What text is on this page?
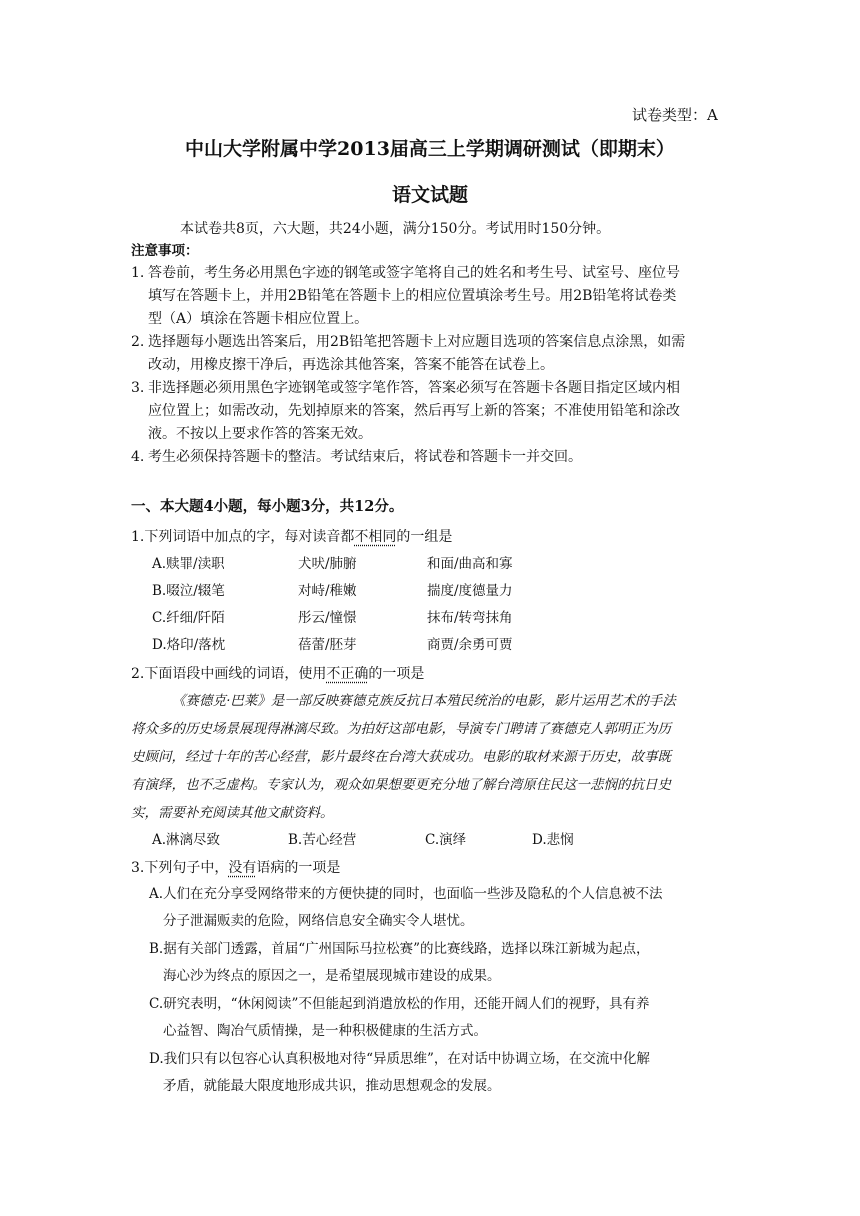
试卷类型：A
中山大学附属中学2013届高三上学期调研测试（即期末）
语文试题
本试卷共8页，六大题，共24小题，满分150分。考试用时150分钟。
注意事项：
1. 答卷前，考生务必用黑色字迹的钢笔或签字笔将自己的姓名和考生号、试室号、座位号
填写在答题卡上，并用2B铅笔在答题卡上的相应位置填涂考生号。用2B铅笔将试卷类
型（A）填涂在答题卡相应位置上。
2. 选择题每小题选出答案后，用2B铅笔把答题卡上对应题目选项的答案信息点涂黑，如需
改动，用橡皮擦干净后，再选涂其他答案，答案不能答在试卷上。
3. 非选择题必须用黑色字迹钢笔或签字笔作答，答案必须写在答题卡各题目指定区域内相
应位置上；如需改动，先划掉原来的答案，然后再写上新的答案；不准使用铅笔和涂改
液。不按以上要求作答的答案无效。
4. 考生必须保持答题卡的整洁。考试结束后，将试卷和答题卡一并交回。
一、本大题4小题，每小题3分，共12分。
1.下列词语中加点的字，每对读音都不相同的一组是
A.赎罪/渎职	犬吠/肺腑	和面/曲高和寡
B.啜泣/辍笔	对峙/稚嫩	揣度/度德量力
C.纤细/阡陌	彤云/憧憬	抹布/转弯抹角
D.烙印/落枕	蓓蕾/胚芽	商贾/余勇可贾
2.下面语段中画线的词语，使用不正确的一项是
《赛德克·巴莱》是一部反映赛德克族反抗日本殖民统治的电影，影片运用艺术的手法
将众多的历史场景展现得淋漓尽致。为拍好这部电影，导演专门聘请了赛德克人郭明正为历
史顾问，经过十年的苦心经营，影片最终在台湾大获成功。电影的取材来源于历史，故事既
有演绎，也不乏虚构。专家认为，观众如果想要更充分地了解台湾原住民这一悲悯的抗日史
实，需要补充阅读其他文献资料。
A.淋漓尽致	B.苦心经营	C.演绎	D.悲悯
3.下列句子中，没有语病的一项是
A.人们在充分享受网络带来的方便快捷的同时，也面临一些涉及隐私的个人信息被不法
分子泄漏贩卖的危险，网络信息安全确实令人堪忧。
B.据有关部门透露，首届“广州国际马拉松赛”的比赛线路，选择以珠江新城为起点，
海心沙为终点的原因之一，是希望展现城市建设的成果。
C.研究表明，“休闲阅读”不但能起到消遣放松的作用，还能开阔人们的视野，具有养
心益智、陶冶气质情操，是一种积极健康的生活方式。
D.我们只有以包容心认真积极地对待“异质思维”，在对话中协调立场，在交流中化解
矛盾，就能最大限度地形成共识，推动思想观念的发展。
